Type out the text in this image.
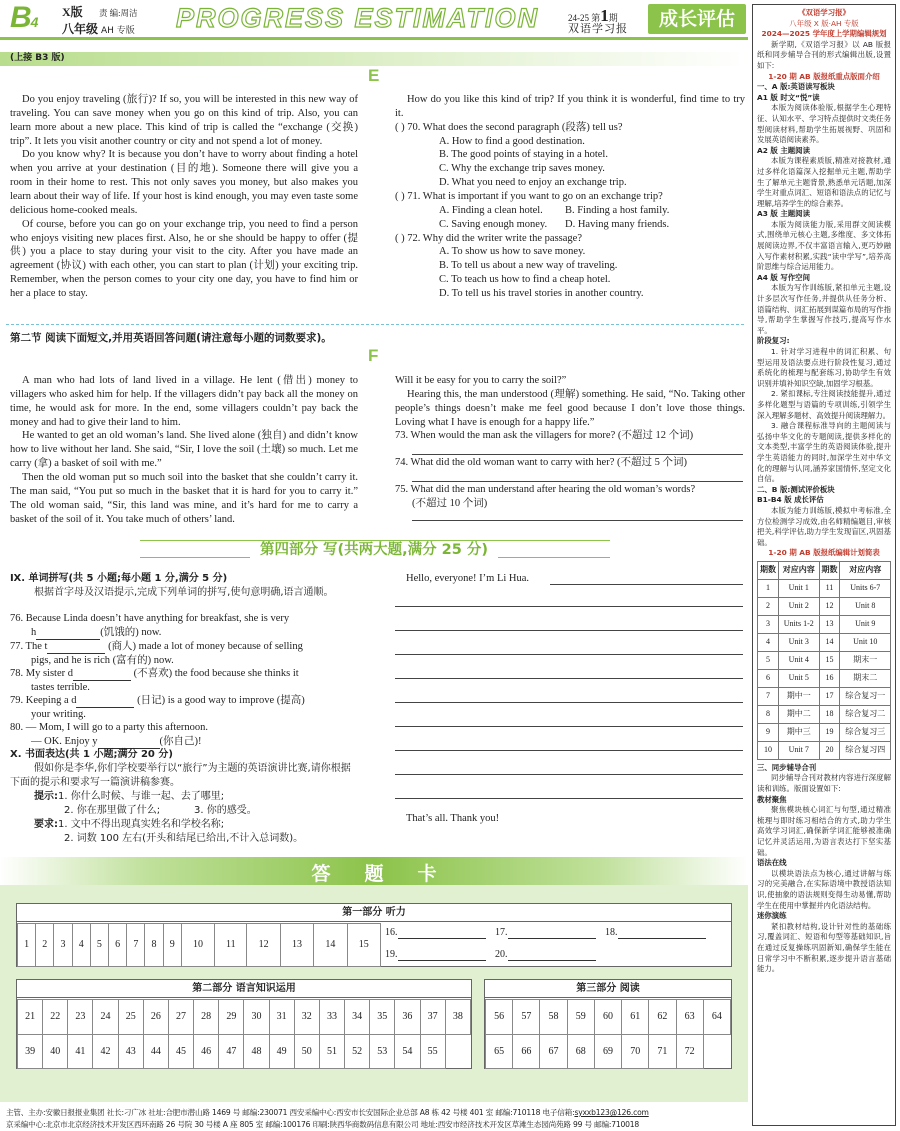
B4
X版 责 编:周洁
八年级 AH 专版 PROGRESS ESTIMATION	24-25 第1期
双语学习报	成长评估
(上接 B3 版)
E

Do you enjoy traveling (旅行)? If so, you will be interested in this new way of traveling. You can save money when you go on this kind of trip. Also, you can learn more about a new place. This kind of trip is called the “exchange (交换) trip”. It lets you visit another country or city and not spend a lot of money.

Do you know why? It is because you don’t have to worry about finding a hotel when you arrive at your destination (目的地). Someone there will give you a room in their home to rest. This not only saves you money, but also makes you learn about their way of life. If your host is kind enough, you may even taste some delicious home-cooked meals.

Of course, before you can go on your exchange trip, you need to find a person who enjoys visiting new places first. Also, he or she should be happy to offer (提供) you a place to stay during your visit to the city. After you have made an agreement (协议) with each other, you can start to plan (计划) your exciting trip. Remember, when the person comes to your city one day, you have to find him or her a place to stay.

How do you like this kind of trip? If you think it is wonderful, find time to try it.

( ) 70. What does the second paragraph (段落) tell us?
A. How to find a good destination.
B. The good points of staying in a hotel.
C. Why the exchange trip saves money.
D. What you need to enjoy an exchange trip.
( ) 71. What is important if you want to go on an exchange trip?
A. Finding a clean hotel. B. Finding a host family.
C. Saving enough money. D. Having many friends.
( ) 72. Why did the writer write the passage?
A. To show us how to save money.
B. To tell us about a new way of traveling.
C. To teach us how to find a cheap hotel.
D. To tell us his travel stories in another country.
第二节 阅读下面短文,并用英语回答问题(请注意每小题的词数要求)。
F

A man who had lots of land lived in a village. He lent (借出) money to villagers who asked him for help. If the villagers didn’t pay back all the money on time, he would ask for more. In the end, some villagers couldn’t pay back the money and had to give their land to him.

He wanted to get an old woman’s land. She lived alone (独自) and didn’t know how to live without her land. She said, “Sir, I love the soil (土壤) so much. Let me carry (拿) a basket of soil with me.”

Then the old woman put so much soil into the basket that she couldn’t carry it. The man said, “You put so much in the basket that it is hard for you to carry it.” The old woman said, “Sir, this land was mine, and it’s hard for me to carry a basket of the soil of it. You take much of others’ land.

Will it be easy for you to carry the soil?”

Hearing this, the man understood (理解) something. He said, “No. Taking other people’s things doesn’t make me feel good because I don’t love those things. Loving what I have is enough for a happy life.”

73. When would the man ask the villagers for more? (不超过 12 个词)
74. What did the old woman want to carry with her? (不超过 5 个词)
75. What did the man understand after hearing the old woman’s words?
(不超过 10 个词)
第四部分 写(共两大题,满分 25 分)
Ⅸ. 单词拼写(共 5 小题;每小题 1 分,满分 5 分)
根据首字母及汉语提示,完成下列单词的拼写,使句意明确,语言通顺。
76. Because Linda doesn’t have anything for breakfast, she is very
h	(饥饿的) now.
77. The t	(商人) made a lot of money because of selling
pigs, and he is rich (富有的) now.
78. My sister d	(不喜欢) the food because she thinks it
tastes terrible.
79. Keeping a d	(日记) is a good way to improve (提高)
your writing.
80. — Mom, I will go to a party this afternoon.
— OK. Enjoy y	(你自己)!
Ⅹ. 书面表达(共 1 小题;满分 20 分)
假如你是李华,你们学校要举行以“旅行”为主题的英语演讲比赛,请你根据下面的提示和要求写一篇演讲稿参赛。
提示:1. 你什么时候、与谁一起、去了哪里;
2. 你在那里做了什么;	3. 你的感受。
要求:1. 文中不得出现真实姓名和学校名称;
2. 词数 100 左右(开头和结尾已给出,不计入总词数)。
Hello, everyone! I’m Li Hua.
That’s all. Thank you!
答题卡
第一部分 听力
1	2	3	4	5	6	7	8	9	10	11	12	13	14	15
16.	17.	18.
19.	20.
第二部分 语言知识运用
21	22	23	24	25	26	27	28	29	30	31	32	33	34	35	36	37	38
39	40	41	42	43	44	45	46	47	48	49	50	51	52	53	54	55	
第三部分 阅读
56	57	58	59	60	61	62	63	64
65	66	67	68	69	70	71	72	
主管、主办:安徽日报报业集团 社长:刁广冰 社址:合肥市潜山路 1469 号 邮编:230071 西安采编中心:西安市长安国际企业总部 A8 栋 42 号楼 401 室 邮编:710118 电子信箱:syxxb123@126.com
京采编中心:北京市北京经济技术开发区西环南路 26 号院 30 号楼 A 座 805 室 邮编:100176 印刷:陕西华商数码信息有限公司 地址:西安市经济技术开发区草滩生态园尚苑路 99 号 邮编:710018
《双语学习报》
八年级 X 版·AH 专版
2024—2025 学年度上学期编辑规划

新学期,《双语学习报》以 AB 版报纸和同步辅导合刊的形式编辑出版,设置如下:

1-20 期 AB 版报纸重点版面介绍
一、A 版:英语读写板块
A1 版 时文“悦”读

本版为阅读体验版,根据学生心理特征、认知水平、学习特点提供时文类任务型阅读材料,帮助学生拓展视野、巩固和发展英语阅读素养。

A2 版 主题阅读

本版为课程素质版,精准对接教材,通过多样化语篇深入挖掘单元主题,帮助学生了解单元主题背景,熟悉单元话题,加深学生对重点词汇、短语和语法点的记忆与理解,培养学生的综合素养。

A3 版 主题阅读

本版为阅读能力版,采用群文阅读模式,围绕单元核心主题,多维度、多文体拓展阅读边界,不仅丰富语言输入,更巧妙融入写作素材积累,实践“读中学写”,培养高阶思维与综合运用能力。

A4 版 写作空间

本版为写作训练版,紧扣单元主题,设计多层次写作任务,并提供从任务分析、语篇结构、词汇拓展到谋篇布局的写作指导,帮助学生掌握写作技巧,提高写作水平。

阶段复习:

1. 针对学习进程中的词汇积累、句型运用及语法要点进行阶段性复习,通过系统化的梳理与配套练习,协助学生有效识别并填补知识空缺,加固学习根基。

2. 紧扣课标,专注阅读技能提升,通过多样化题型与语篇的专项训练,引领学生深入理解多题材、高效提升阅读理解力。

3. 融合课程标准导向的主题阅读与弘扬中华文化的专题阅读,提供多样化的文本类型,丰富学生的英语阅读体验,提升学生英语能力的同时,加深学生对中华文化的理解与认同,涵养家国情怀,坚定文化自信。

二、B 版:测试评价板块
B1-B4 版 成长评估

本版为能力训练版,模拟中考标准,全方位检测学习成效,由名师精编题目,审核把关,科学评估,助力学生发现盲区,巩固基础。

1-20 期 AB 版报纸编辑计划简表
期数	对应内容	期数	对应内容
1	Unit 1	11	Units 6-7
2	Unit 2	12	Unit 8
3	Units 1-2	13	Unit 9
4	Unit 3	14	Unit 10
5	Unit 4	15	期末一
6	Unit 5	16	期末二
7	期中一	17	综合复习一
8	期中二	18	综合复习二
9	期中三	19	综合复习三
10	Unit 7	20	综合复习四
三、同步辅导合刊

同步辅导合刊对教材内容进行深度解读和训练。版面设置如下:

教材聚焦

聚焦模块核心词汇与句型,通过精准梳理与即时练习相结合的方式,助力学生高效学习词汇,确保新学词汇能够被准确记忆并灵活运用,为语言表达打下坚实基础。

语法在线

以模块语法点为核心,通过讲解与练习的完美融合,在实际语境中教授语法知识,使抽象的语法规则变得生动易懂,帮助学生在使用中掌握并内化语法结构。

迷你演练

紧扣教材结构,设计针对性的基础练习,覆盖词汇、短语和句型等基础知识,旨在通过反复操练巩固新知,确保学生能在日常学习中不断积累,逐步提升语言基础能力。
